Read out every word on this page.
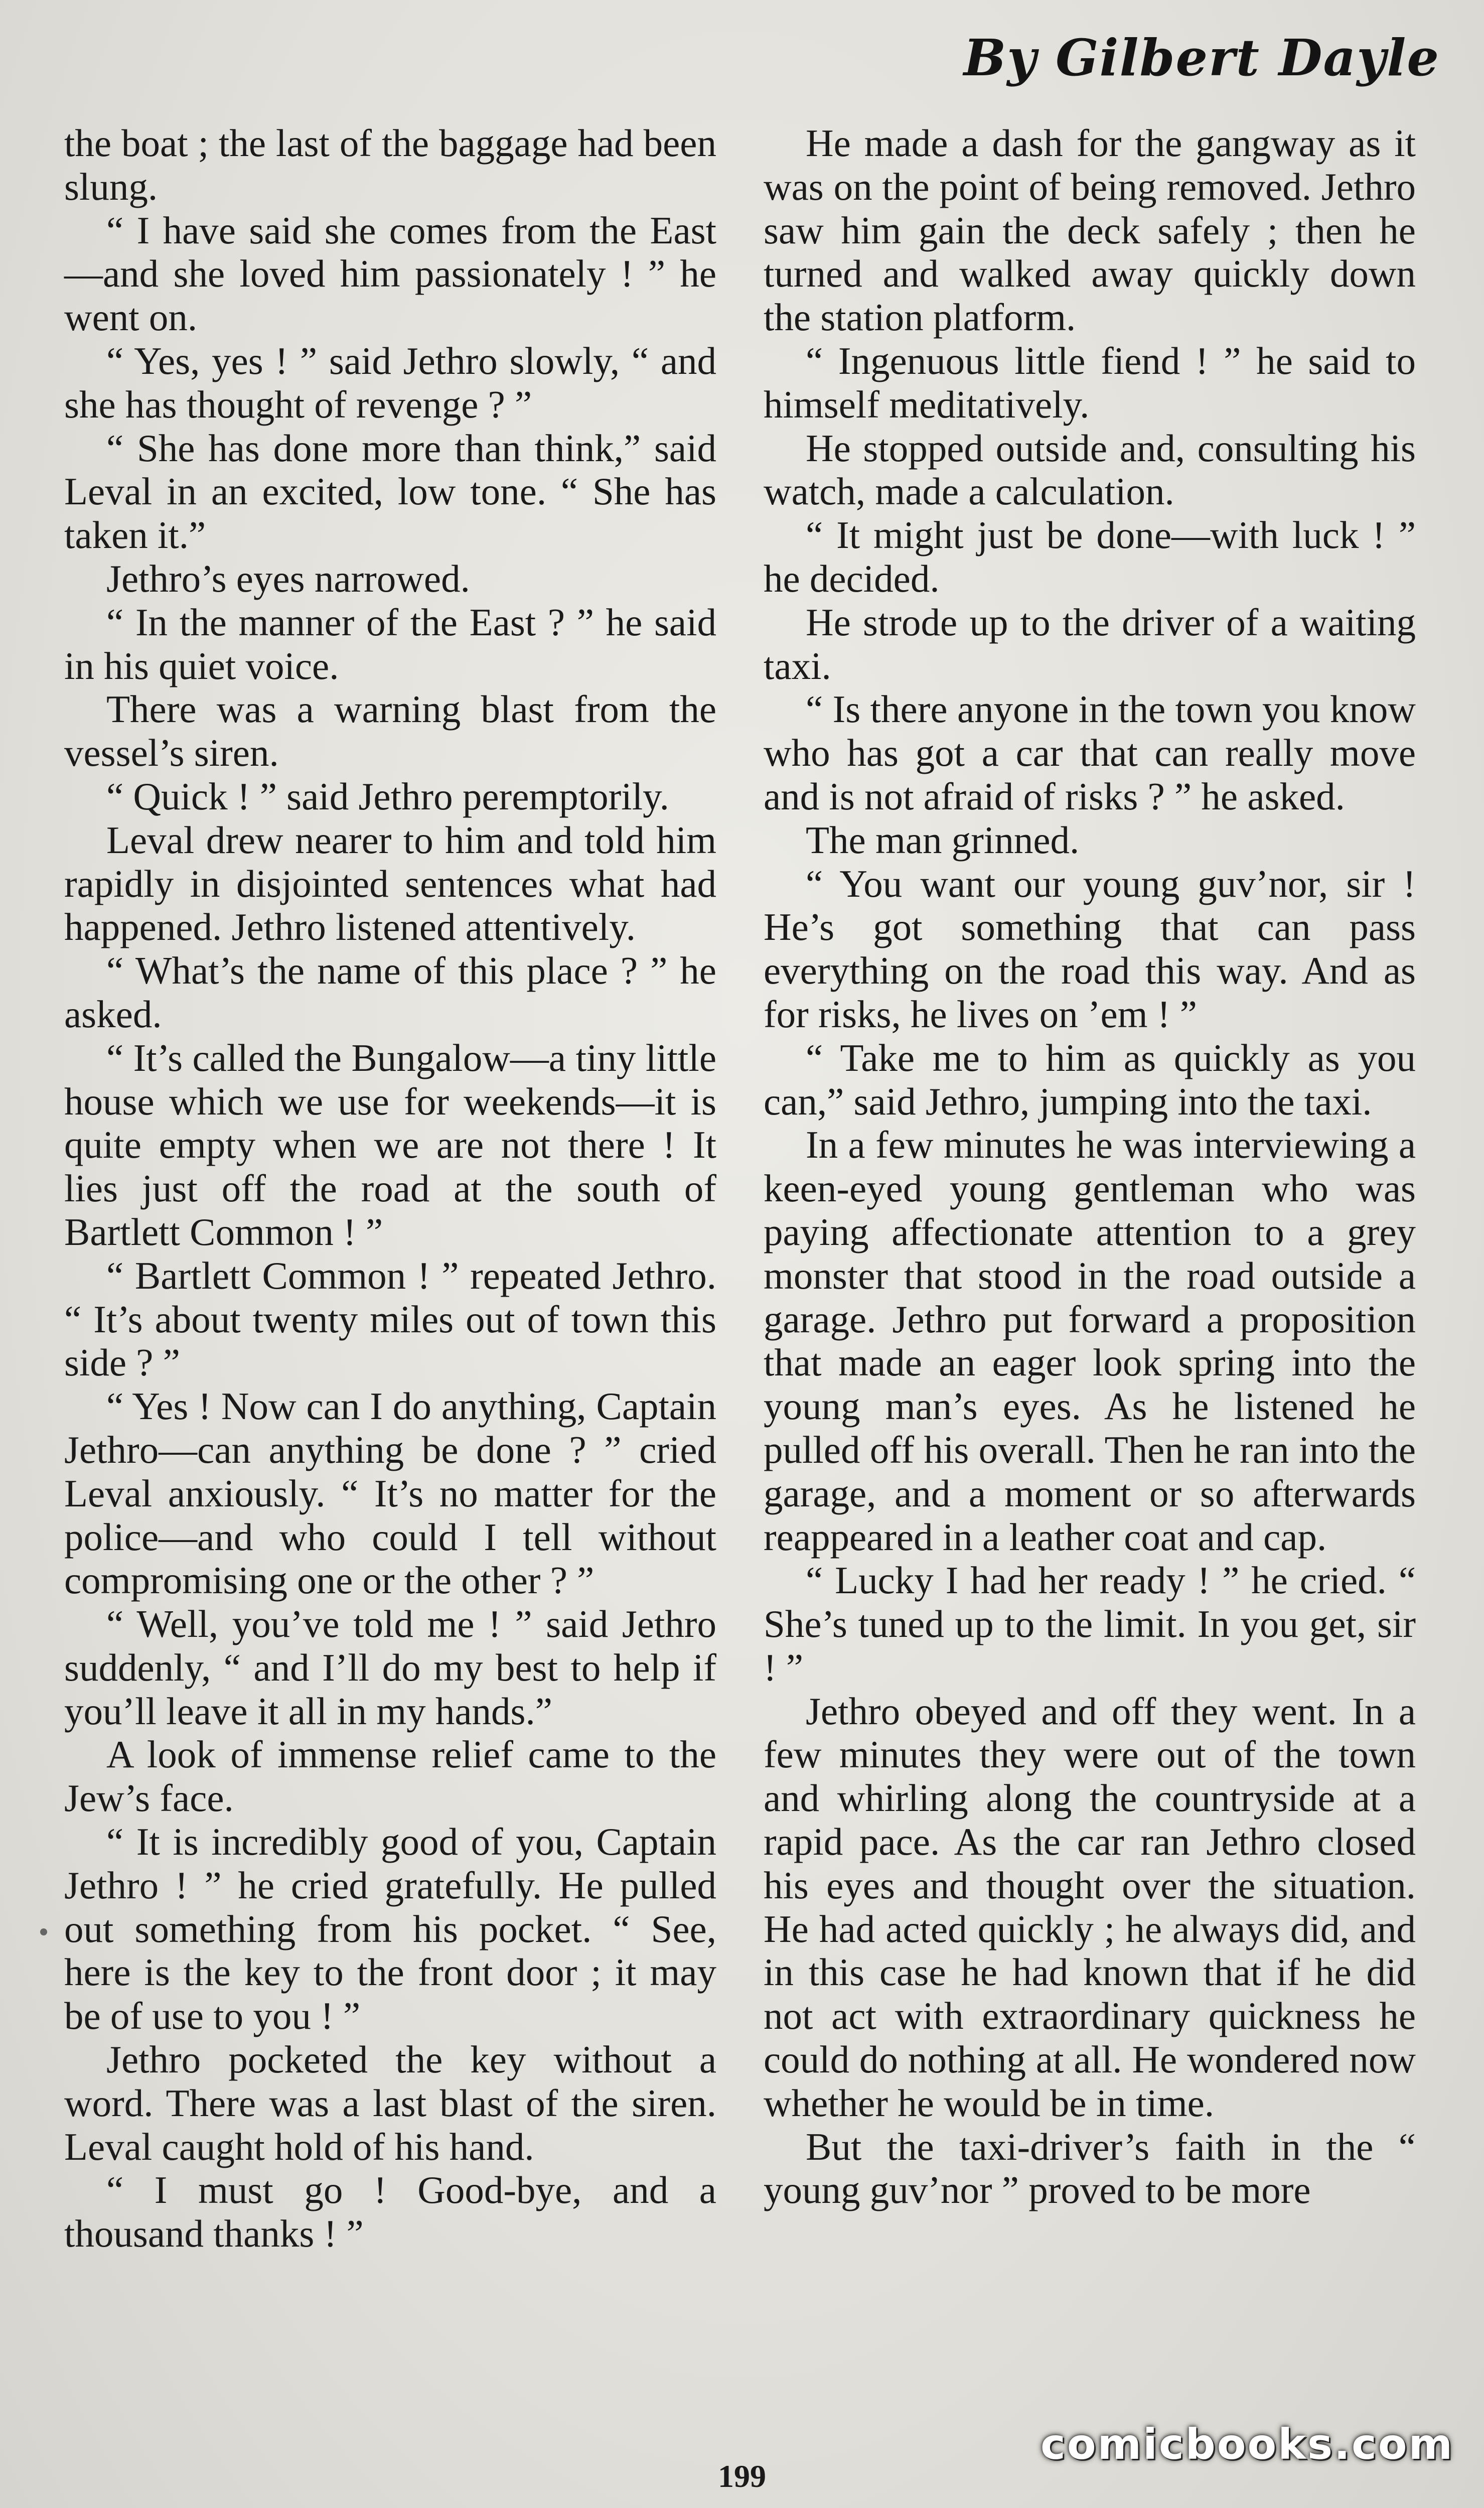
By Gilbert Dayle

the boat ; the last of the baggage had been slung.

“ I have said she comes from the East—and she loved him passionately ! ” he went on.

“ Yes, yes ! ” said Jethro slowly, “ and she has thought of revenge ? ”

“ She has done more than think,” said Leval in an excited, low tone. “ She has taken it.”

Jethro’s eyes narrowed.

“ In the manner of the East ? ” he said in his quiet voice.

There was a warning blast from the vessel’s siren.

“ Quick ! ” said Jethro peremptorily.

Leval drew nearer to him and told him rapidly in disjointed sentences what had happened. Jethro listened attentively.

“ What’s the name of this place ? ” he asked.

“ It’s called the Bungalow—a tiny little house which we use for weekends—it is quite empty when we are not there ! It lies just off the road at the south of Bartlett Common ! ”

“ Bartlett Common ! ” repeated Jethro. “ It’s about twenty miles out of town this side ? ”

“ Yes ! Now can I do anything, Captain Jethro—can anything be done ? ” cried Leval anxiously. “ It’s no matter for the police—and who could I tell without compromising one or the other ? ”

“ Well, you’ve told me ! ” said Jethro suddenly, “ and I’ll do my best to help if you’ll leave it all in my hands.”

A look of immense relief came to the Jew’s face.

“ It is incredibly good of you, Captain Jethro ! ” he cried gratefully. He pulled out something from his pocket. “ See, here is the key to the front door ; it may be of use to you ! ”

Jethro pocketed the key without a word. There was a last blast of the siren. Leval caught hold of his hand.

“ I must go ! Good-bye, and a thousand thanks ! ”

He made a dash for the gangway as it was on the point of being removed. Jethro saw him gain the deck safely ; then he turned and walked away quickly down the station platform.

“ Ingenuous little fiend ! ” he said to himself meditatively.

He stopped outside and, consulting his watch, made a calculation.

“ It might just be done—with luck ! ” he decided.

He strode up to the driver of a waiting taxi.

“ Is there anyone in the town you know who has got a car that can really move and is not afraid of risks ? ” he asked.

The man grinned.

“ You want our young guv’nor, sir ! He’s got something that can pass everything on the road this way. And as for risks, he lives on ’em ! ”

“ Take me to him as quickly as you can,” said Jethro, jumping into the taxi.

In a few minutes he was interviewing a keen-eyed young gentleman who was paying affectionate attention to a grey monster that stood in the road outside a garage. Jethro put forward a proposition that made an eager look spring into the young man’s eyes. As he listened he pulled off his overall. Then he ran into the garage, and a moment or so afterwards reappeared in a leather coat and cap.

“ Lucky I had her ready ! ” he cried. “ She’s tuned up to the limit. In you get, sir ! ”

Jethro obeyed and off they went. In a few minutes they were out of the town and whirling along the countryside at a rapid pace. As the car ran Jethro closed his eyes and thought over the situation. He had acted quickly ; he always did, and in this case he had known that if he did not act with extraordinary quickness he could do nothing at all. He wondered now whether he would be in time.

But the taxi-driver’s faith in the “ young guv’nor ” proved to be more

199
comicbooks.com
